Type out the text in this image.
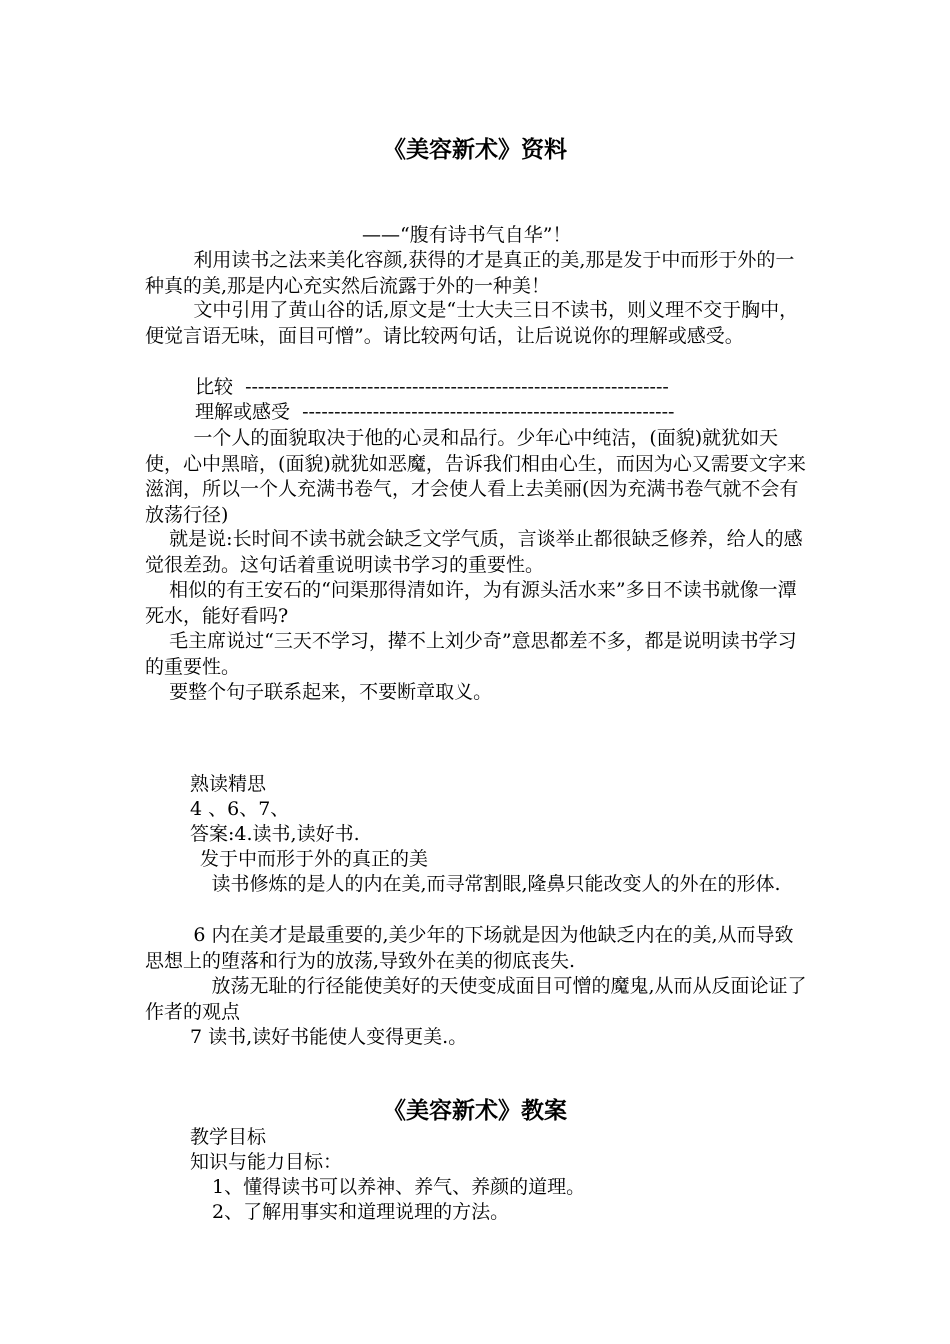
《美容新术》资料

——“腹有诗书气自华”！

利用读书之法来美化容颜,获得的才是真正的美,那是发于中而形于外的一种真的美,那是内心充实然后流露于外的一种美！

文中引用了黄山谷的话,原文是“士大夫三日不读书，则义理不交于胸中，便觉言语无味，面目可憎”。请比较两句话，让后说说你的理解或感受。

比较  ------------------------------------------------------------------

理解或感受  ----------------------------------------------------------

一个人的面貌取决于他的心灵和品行。少年心中纯洁，(面貌)就犹如天使，心中黑暗，(面貌)就犹如恶魔，告诉我们相由心生，而因为心又需要文字来滋润，所以一个人充满书卷气，才会使人看上去美丽(因为充满书卷气就不会有放荡行径)

就是说:长时间不读书就会缺乏文学气质，言谈举止都很缺乏修养，给人的感觉很差劲。这句话着重说明读书学习的重要性。

相似的有王安石的“问渠那得清如许，为有源头活水来”多日不读书就像一潭死水，能好看吗?

毛主席说过“三天不学习，撵不上刘少奇”意思都差不多，都是说明读书学习的重要性。

要整个句子联系起来，不要断章取义。

熟读精思

4 、6、7、

答案:4.读书,读好书.

发于中而形于外的真正的美

读书修炼的是人的内在美,而寻常割眼,隆鼻只能改变人的外在的形体.

6 内在美才是最重要的,美少年的下场就是因为他缺乏内在的美,从而导致思想上的堕落和行为的放荡,导致外在美的彻底丧失.

放荡无耻的行径能使美好的天使变成面目可憎的魔鬼,从而从反面论证了作者的观点

7 读书,读好书能使人变得更美.。

《美容新术》教案

教学目标

知识与能力目标：

1、懂得读书可以养神、养气、养颜的道理。

2、了解用事实和道理说理的方法。
